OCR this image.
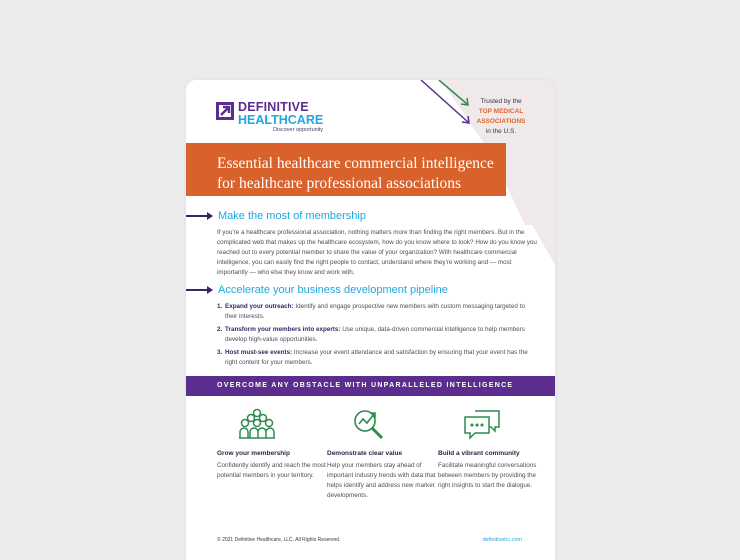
DEFINITIVE
HEALTHCARE
Discover opportunity
Trusted by the
TOP MEDICAL
ASSOCIATIONS
in the U.S.
Essential healthcare commercial intelligence
for healthcare professional associations
Make the most of membership
If you're a healthcare professional association, nothing matters more than finding the right members. But in the complicated web that makes up the healthcare ecosystem, how do you know where to look? How do you know you reached out to every potential member to share the value of your organization? With healthcare commercial intelligence, you can easily find the right people to contact, understand where they're working and — most importantly — who else they know and work with.
Accelerate your business development pipeline
1. Expand your outreach: Identify and engage prospective new members with custom messaging targeted to their interests.
2. Transform your members into experts: Use unique, data-driven commercial intelligence to help members develop high-value opportunities.
3. Host must-see events: Increase your event attendance and satisfaction by ensuring that your event has the right content for your members.
OVERCOME ANY OBSTACLE WITH UNPARALLELED INTELLIGENCE
Grow your membership

Confidently identify and reach the most potential members in your territory.

Demonstrate clear value

Help your members stay ahead of important industry trends with data that helps identify and address new market developments.

Build a vibrant community

Facilitate meaningful conversations between members by providing the right insights to start the dialogue.

© 2021 Definitive Healthcare, LLC. All Rights Reserved.	definitivehc.com
